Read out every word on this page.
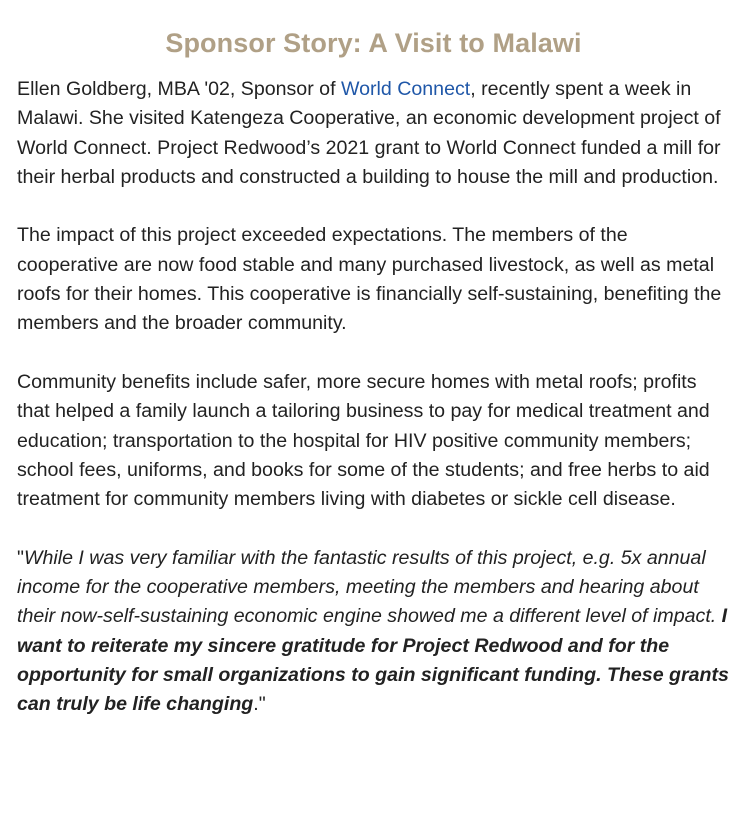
Sponsor Story: A Visit to Malawi

Ellen Goldberg, MBA '02, Sponsor of World Connect, recently spent a week in Malawi. She visited Katengeza Cooperative, an economic development project of World Connect. Project Redwood’s 2021 grant to World Connect funded a mill for their herbal products and constructed a building to house the mill and production.

The impact of this project exceeded expectations. The members of the cooperative are now food stable and many purchased livestock, as well as metal roofs for their homes. This cooperative is financially self-sustaining, benefiting the members and the broader community.

Community benefits include safer, more secure homes with metal roofs; profits that helped a family launch a tailoring business to pay for medical treatment and education; transportation to the hospital for HIV positive community members; school fees, uniforms, and books for some of the students; and free herbs to aid treatment for community members living with diabetes or sickle cell disease.

"While I was very familiar with the fantastic results of this project, e.g. 5x annual income for the cooperative members, meeting the members and hearing about their now-self-sustaining economic engine showed me a different level of impact. I want to reiterate my sincere gratitude for Project Redwood and for the opportunity for small organizations to gain significant funding. These grants can truly be life changing."
